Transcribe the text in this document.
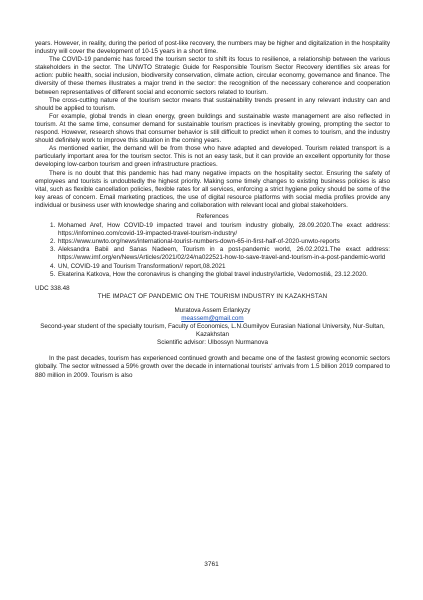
years. However, in reality, during the period of post-like recovery, the numbers may be higher and digitalization in the hospitality industry will cover the development of 10-15 years in a short time.

The COVID-19 pandemic has forced the tourism sector to shift its focus to resilience, a relationship between the various stakeholders in the sector. The UNWTO Strategic Guide for Responsible Tourism Sector Recovery identifies six areas for action: public health, social inclusion, biodiversity conservation, climate action, circular economy, governance and finance. The diversity of these themes illustrates a major trend in the sector: the recognition of the necessary coherence and cooperation between representatives of different social and economic sectors related to tourism.

The cross-cutting nature of the tourism sector means that sustainability trends present in any relevant industry can and should be applied to tourism.

For example, global trends in clean energy, green buildings and sustainable waste management are also reflected in tourism. At the same time, consumer demand for sustainable tourism practices is inevitably growing, prompting the sector to respond. However, research shows that consumer behavior is still difficult to predict when it comes to tourism, and the industry should definitely work to improve this situation in the coming years.

As mentioned earlier, the demand will be from those who have adapted and developed. Tourism related transport is a particularly important area for the tourism sector. This is not an easy task, but it can provide an excellent opportunity for those developing low-carbon tourism and green infrastructure practices.

There is no doubt that this pandemic has had many negative impacts on the hospitality sector. Ensuring the safety of employees and tourists is undoubtedly the highest priority. Making some timely changes to existing business policies is also vital, such as flexible cancellation policies, flexible rates for all services, enforcing a strict hygiene policy should be some of the key areas of concern. Email marketing practices, the use of digital resource platforms with social media profiles provide any individual or business user with knowledge sharing and collaboration with relevant local and global stakeholders.

References
1. Mohamed Aref, How COVID-19 impacted travel and tourism industry globally, 28.09.2020.The exact address: https://infomineo.com/covid-19-impacted-travel-tourism-industry/
2. https://www.unwto.org/news/international-tourist-numbers-down-65-in-first-half-of-2020-unwto-reports
3. Aleksandra Babii and Sanas Nadeem, Tourism in a post-pandemic world, 26.02.2021.The exact address: https://www.imf.org/en/News/Articles/2021/02/24/na022521-how-to-save-travel-and-tourism-in-a-post-pandemic-world
4. UN, COVID-19 and Tourism Transformation// report,08.2021
5. Ekaterina Katkova, How the coronavirus is changing the global travel industry//article, Vedomosti&, 23.12.2020.
UDC 338.48
THE IMPACT OF PANDEMIC ON THE TOURISM INDUSTRY IN KAZAKHSTAN
Muratova Assem Erlankyzy
meassem@gmail.com
Second-year student of the specialty tourism, Faculty of Economics, L.N.Gumilyov Eurasian National University, Nur-Sultan, Kazakhstan
Scientific advisor: Ulbossyn Nurmanova

In the past decades, tourism has experienced continued growth and became one of the fastest growing economic sectors globally. The sector witnessed a 59% growth over the decade in international tourists' arrivals from 1.5 billion 2019 compared to 880 million in 2009. Tourism is also

3761
